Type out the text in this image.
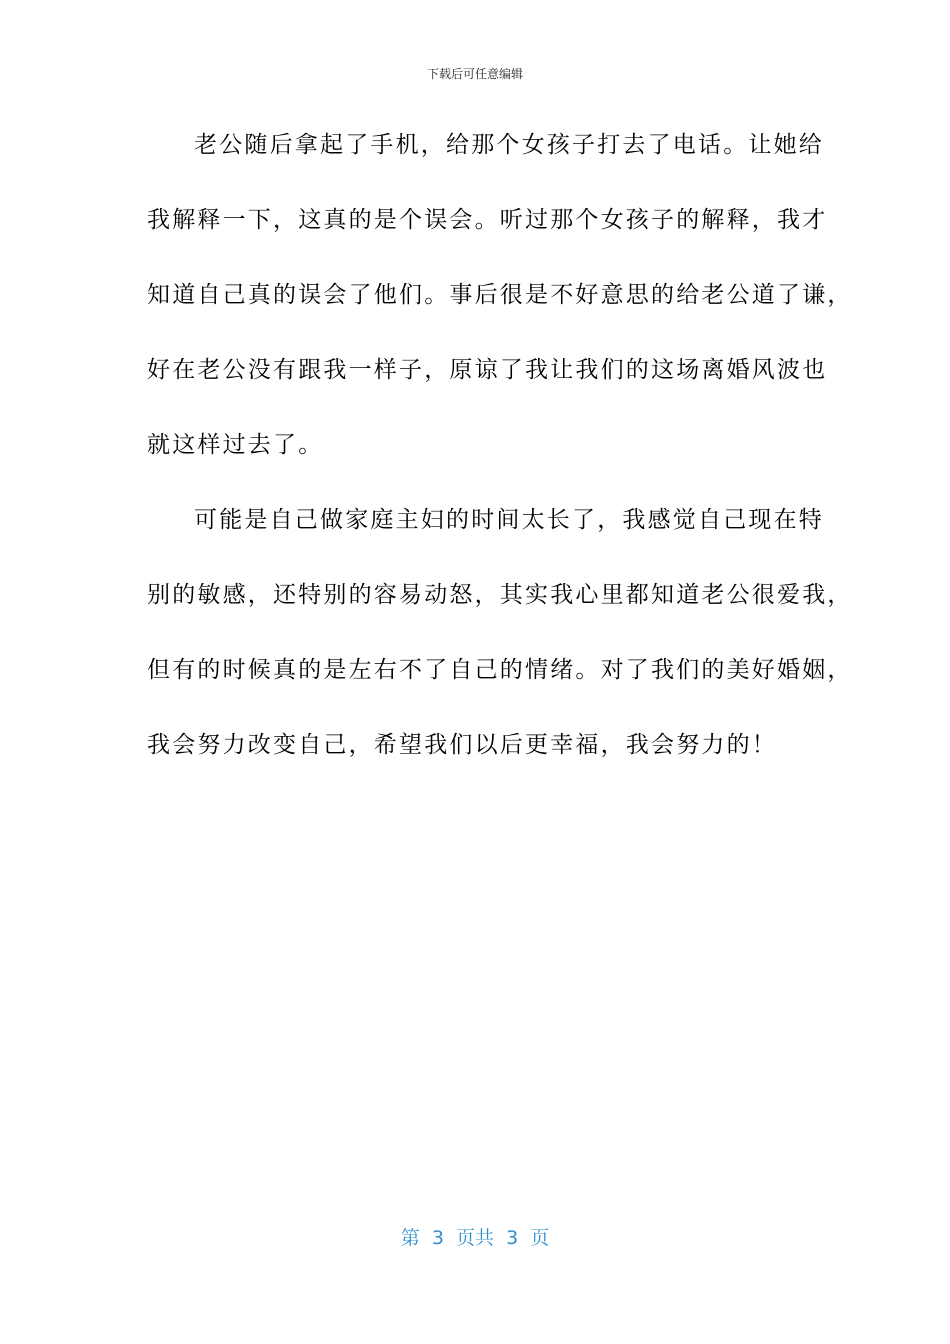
下载后可任意编辑
老公随后拿起了手机，给那个女孩子打去了电话。让她给
我解释一下，这真的是个误会。听过那个女孩子的解释，我才
知道自己真的误会了他们。事后很是不好意思的给老公道了谦，
好在老公没有跟我一样子，原谅了我让我们的这场离婚风波也
就这样过去了。
可能是自己做家庭主妇的时间太长了，我感觉自己现在特
别的敏感，还特别的容易动怒，其实我心里都知道老公很爱我，
但有的时候真的是左右不了自己的情绪。对了我们的美好婚姻，
我会努力改变自己，希望我们以后更幸福，我会努力的！
第  3  页共  3  页
